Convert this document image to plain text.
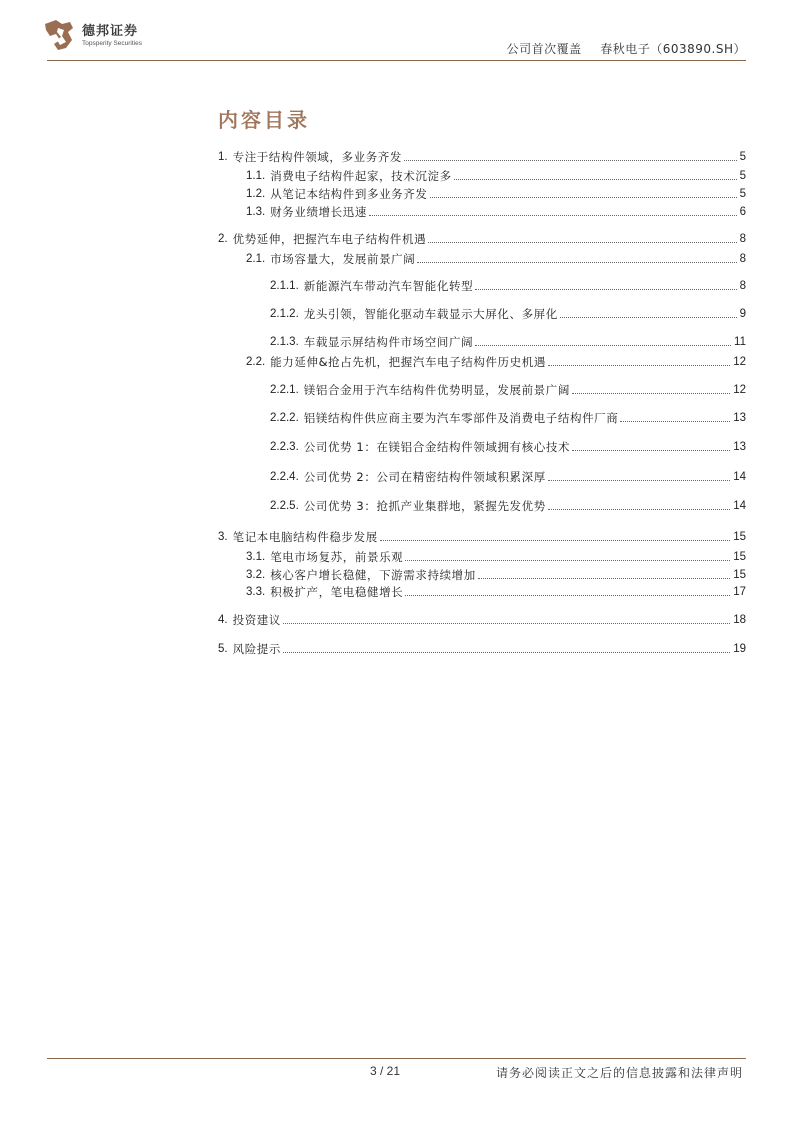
德邦证券
Topsperity Securities	公司首次覆盖 春秋电子（603890.SH）
内容目录
1. 专注于结构件领域，多业务齐发	5
1.1. 消费电子结构件起家，技术沉淀多	5
1.2. 从笔记本结构件到多业务齐发	5
1.3. 财务业绩增长迅速	6
2. 优势延伸，把握汽车电子结构件机遇	8
2.1. 市场容量大，发展前景广阔	8
2.1.1. 新能源汽车带动汽车智能化转型	8
2.1.2. 龙头引领，智能化驱动车载显示大屏化、多屏化	9
2.1.3. 车载显示屏结构件市场空间广阔	11
2.2. 能力延伸&抢占先机，把握汽车电子结构件历史机遇	12
2.2.1. 镁铝合金用于汽车结构件优势明显，发展前景广阔	12
2.2.2. 铝镁结构件供应商主要为汽车零部件及消费电子结构件厂商	13
2.2.3. 公司优势 1：在镁铝合金结构件领域拥有核心技术	13
2.2.4. 公司优势 2：公司在精密结构件领域积累深厚	14
2.2.5. 公司优势 3：抢抓产业集群地，紧握先发优势	14
3. 笔记本电脑结构件稳步发展	15
3.1. 笔电市场复苏，前景乐观	15
3.2. 核心客户增长稳健，下游需求持续增加	15
3.3. 积极扩产，笔电稳健增长	17
4. 投资建议	18
5. 风险提示	19
3 / 21	请务必阅读正文之后的信息披露和法律声明
